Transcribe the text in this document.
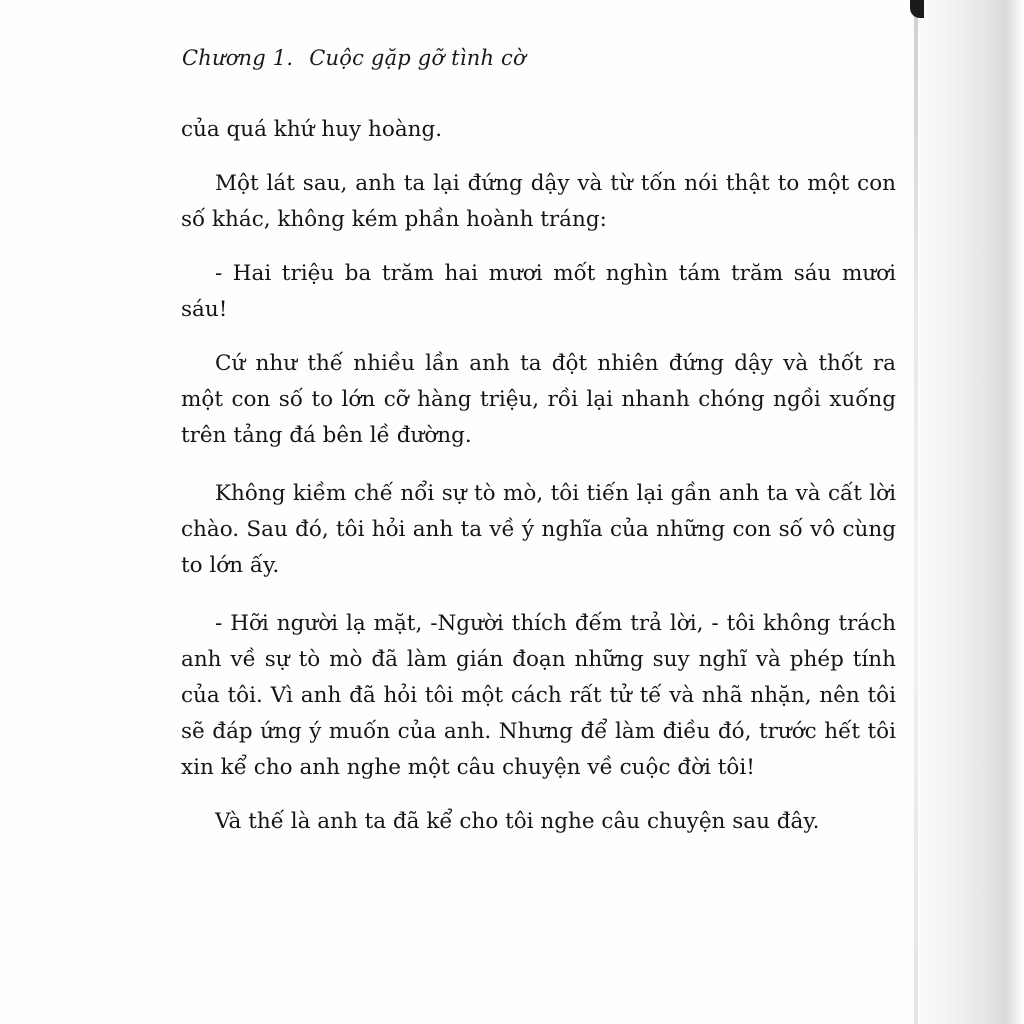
Chương 1. Cuộc gặp gỡ tình cờ

của quá khứ huy hoàng.

Một lát sau, anh ta lại đứng dậy và từ tốn nói thật to một con số khác, không kém phần hoành tráng:

- Hai triệu ba trăm hai mươi mốt nghìn tám trăm sáu mươi sáu!

Cứ như thế nhiều lần anh ta đột nhiên đứng dậy và thốt ra một con số to lớn cỡ hàng triệu, rồi lại nhanh chóng ngồi xuống trên tảng đá bên lề đường.

Không kiềm chế nổi sự tò mò, tôi tiến lại gần anh ta và cất lời chào. Sau đó, tôi hỏi anh ta về ý nghĩa của những con số vô cùng to lớn ấy.

- Hỡi người lạ mặt, -Người thích đếm trả lời, - tôi không trách anh về sự tò mò đã làm gián đoạn những suy nghĩ và phép tính của tôi. Vì anh đã hỏi tôi một cách rất tử tế và nhã nhặn, nên tôi sẽ đáp ứng ý muốn của anh. Nhưng để làm điều đó, trước hết tôi xin kể cho anh nghe một câu chuyện về cuộc đời tôi!

Và thế là anh ta đã kể cho tôi nghe câu chuyện sau đây.
